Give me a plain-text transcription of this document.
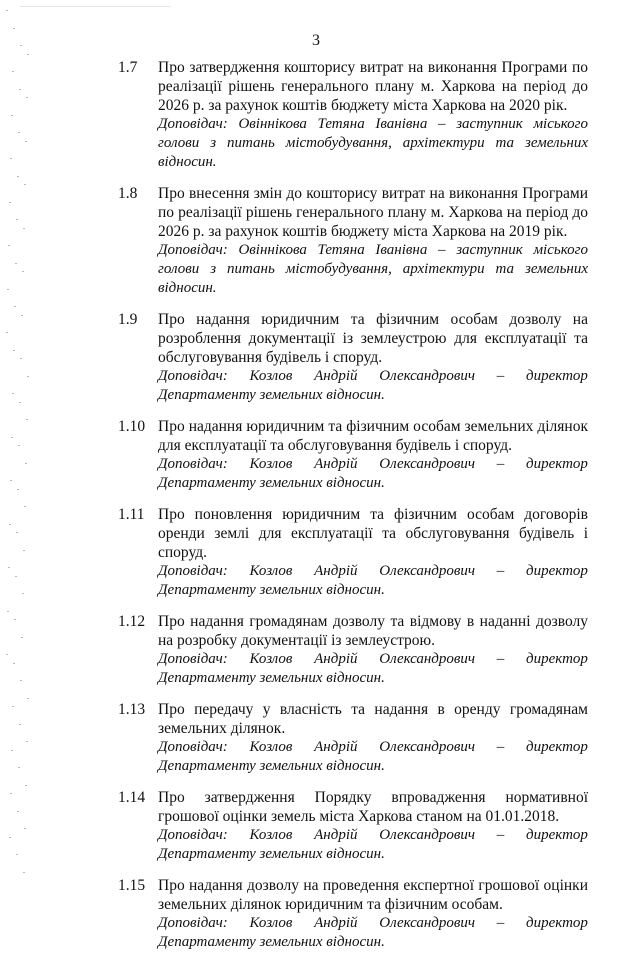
3
1.7	Про затвердження кошторису витрат на виконання Програми по реалізації рішень генерального плану м. Харкова на період до 2026 р. за рахунок коштів бюджету міста Харкова на 2020 рік.
Доповідач: Овіннікова Тетяна Іванівна – заступник міського голови з питань містобудування, архітектури та земельних відносин.
1.8	Про внесення змін до кошторису витрат на виконання Програми по реалізації рішень генерального плану м. Харкова на період до 2026 р. за рахунок коштів бюджету міста Харкова на 2019 рік.
Доповідач: Овіннікова Тетяна Іванівна – заступник міського голови з питань містобудування, архітектури та земельних відносин.
1.9	Про надання юридичним та фізичним особам дозволу на розроблення документації із землеустрою для експлуатації та обслуговування будівель і споруд.
Доповідач: Козлов Андрій Олександрович – директор
Департаменту земельних відносин.
1.10 Про надання юридичним та фізичним особам земельних ділянок для експлуатації та обслуговування будівель і споруд.
Доповідач: Козлов Андрій Олександрович – директор
Департаменту земельних відносин.
1.11 Про поновлення юридичним та фізичним особам договорів оренди землі для експлуатації та обслуговування будівель і споруд.
Доповідач: Козлов Андрій Олександрович – директор
Департаменту земельних відносин.
1.12 Про надання громадянам дозволу та відмову в наданні дозволу на розробку документації із землеустрою.
Доповідач: Козлов Андрій Олександрович – директор
Департаменту земельних відносин.
1.13 Про передачу у власність та надання в оренду громадянам земельних ділянок.
Доповідач: Козлов Андрій Олександрович – директор
Департаменту земельних відносин.
1.14 Про затвердження Порядку впровадження нормативної грошової оцінки земель міста Харкова станом на 01.01.2018.
Доповідач: Козлов Андрій Олександрович – директор
Департаменту земельних відносин.
1.15 Про надання дозволу на проведення експертної грошової оцінки земельних ділянок юридичним та фізичним особам.
Доповідач: Козлов Андрій Олександрович – директор
Департаменту земельних відносин.
